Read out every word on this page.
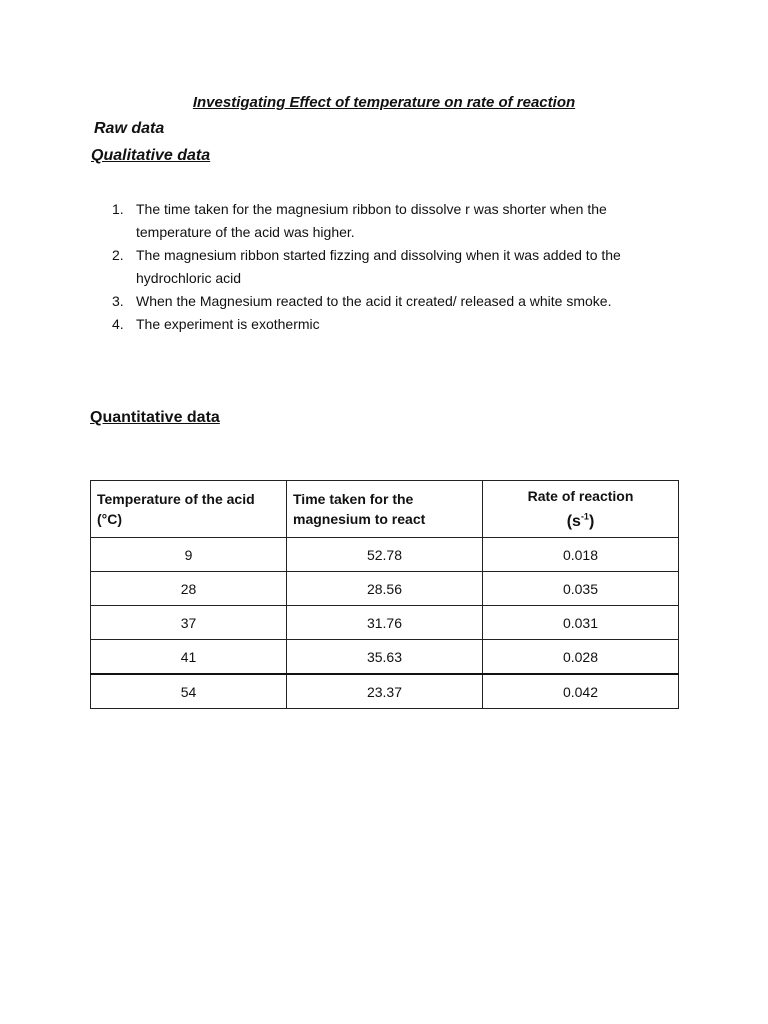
Investigating Effect of temperature on rate of reaction
Raw data
Qualitative data
1. The time taken for the magnesium ribbon to dissolve r was shorter when the temperature of the acid was higher.
2. The magnesium ribbon started fizzing and dissolving when it was added to the hydrochloric acid
3. When the Magnesium reacted to the acid it created/ released a white smoke.
4. The experiment is exothermic
Quantitative data
Temperature of the acid (°C)	Time taken for the magnesium to react	Rate of reaction
$(s^{-1})$
9	52.78	0.018
28	28.56	0.035
37	31.76	0.031
41	35.63	0.028
54	23.37	0.042
